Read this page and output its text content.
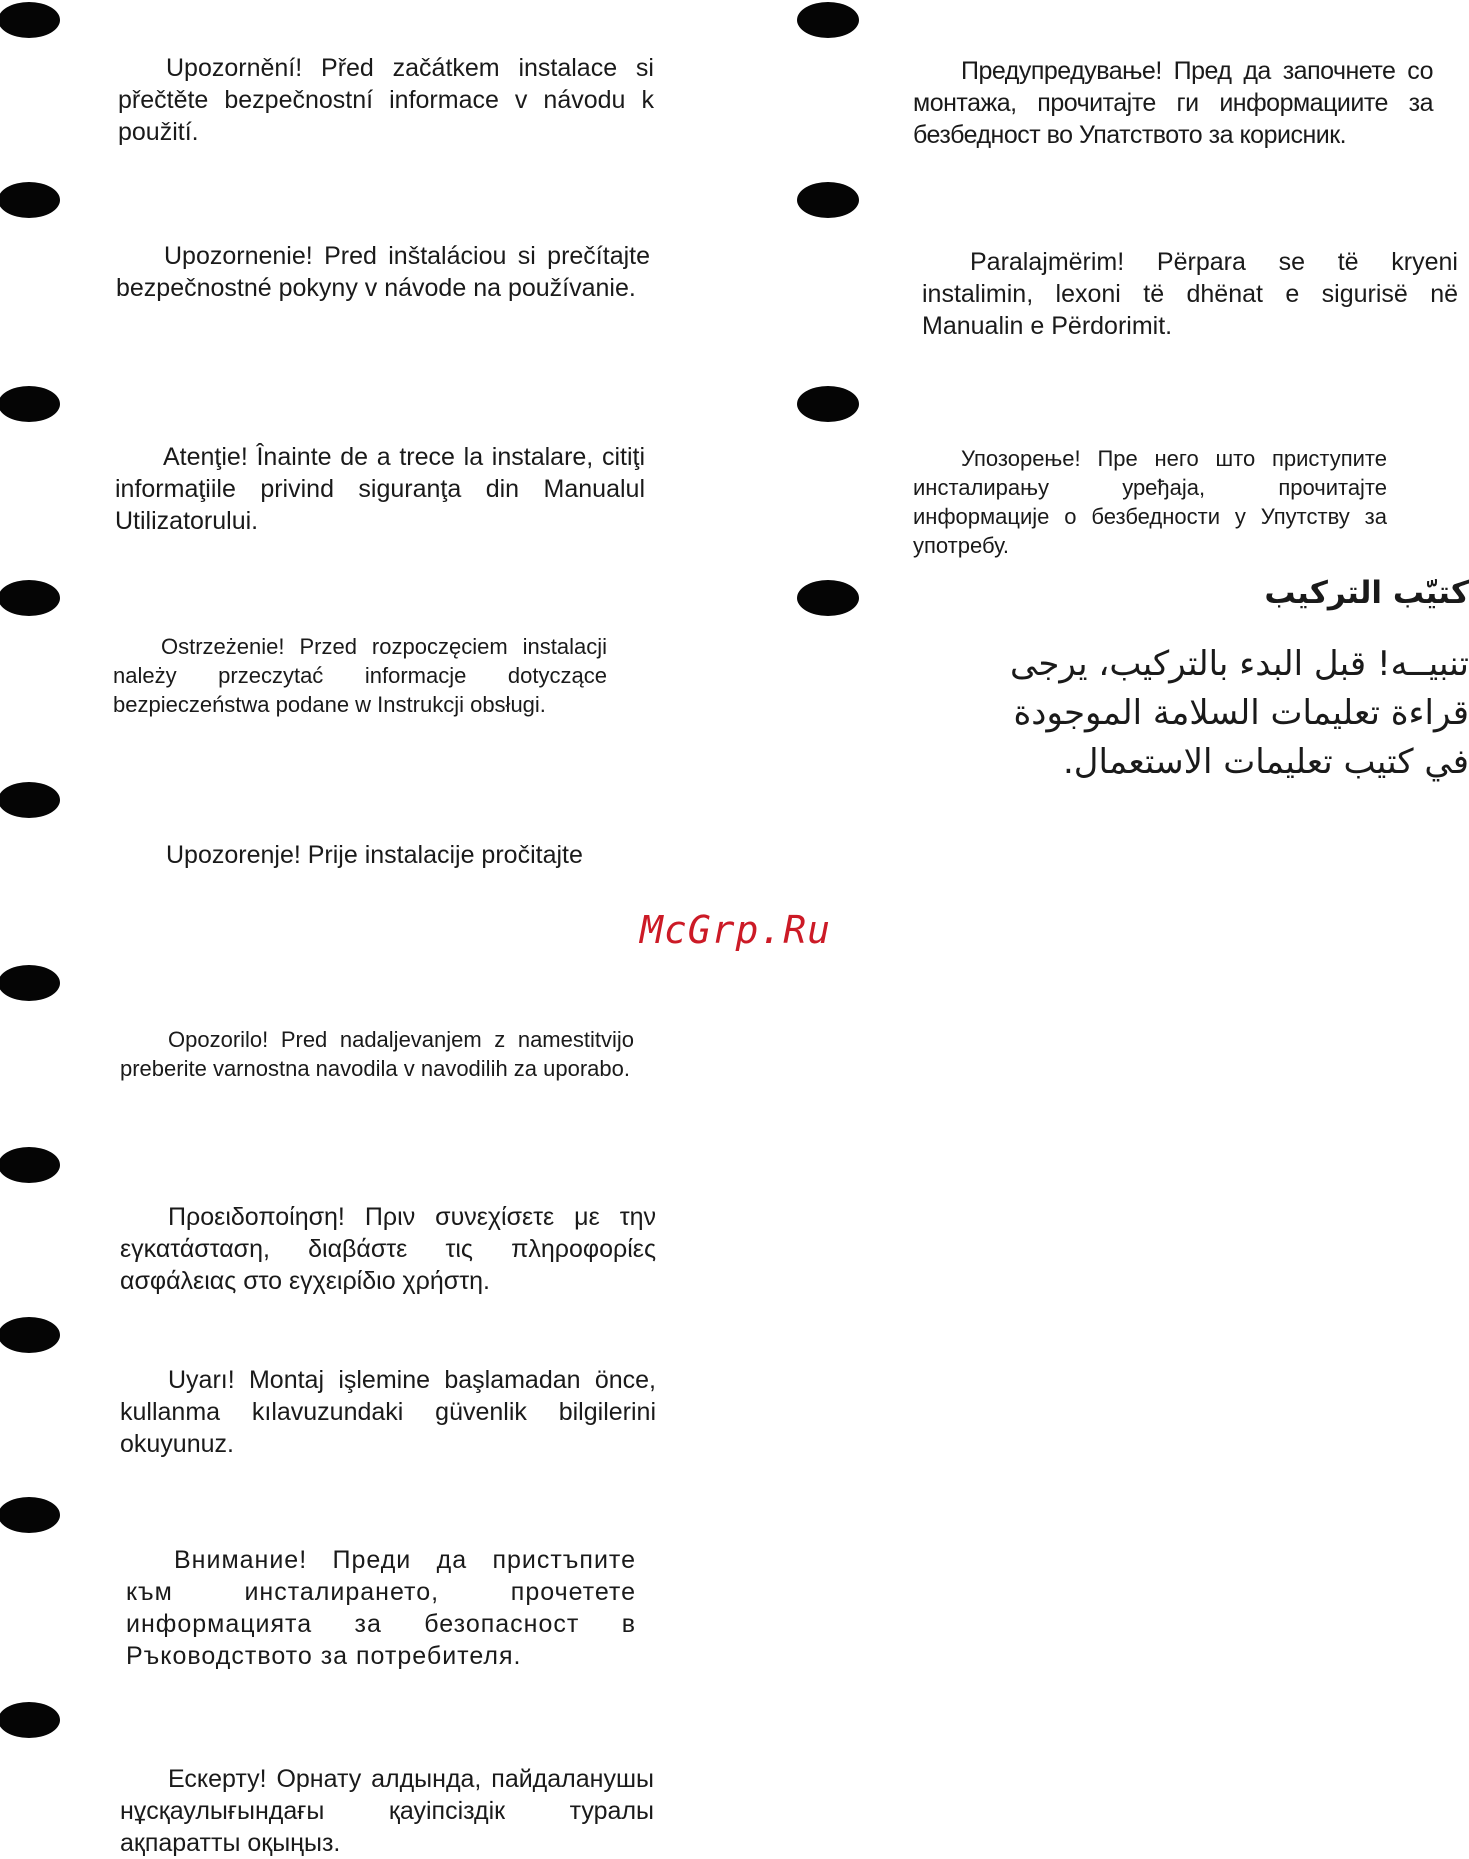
Upozornění! Před začátkem instalace si přečtěte bezpečnostní informace v návodu k použití.

Upozornenie! Pred inštaláciou si prečítajte bezpečnostné pokyny v návode na používanie.

Atenţie! Înainte de a trece la instalare, citiţi informaţiile privind siguranţa din Manualul Utilizatorului.

Ostrzeżenie! Przed rozpoczęciem instalacji należy przeczytać informacje dotyczące bezpieczeństwa podane w Instrukcji obsługi.

Upozorenje! Prije instalacije pročitajte

Opozorilo! Pred nadaljevanjem z namestitvijo preberite varnostna navodila v navodilih za uporabo.

Προειδοποίηση! Πριν συνεχίσετε με την εγκατάσταση, διαβάστε τις πληροφορίες ασφάλειας στο εγχειρίδιο χρήστη.

Uyarı! Montaj işlemine başlamadan önce, kullanma kılavuzundaki güvenlik bilgilerini okuyunuz.

Внимание! Преди да пристъпите към инсталирането, прочетете информацията за безопасност в Ръководството за потребителя.

Ескерту! Орнату алдында, пайдаланушы нұсқаулығындағы қауіпсіздік туралы ақпаратты оқыңыз.

Предупредување! Пред да започнете со монтажа, прочитајте ги информациите за безбедност во Упатството за корисник.

Paralajmërim! Përpara se të kryeni instalimin, lexoni të dhënat e sigurisë në Manualin e Përdorimit.

Упозорење! Пре него што приступите инсталирању уређаја, прочитајте информације о безбедности у Упутству за употребу.

كتيّب التركيب
تنبيــه! قبل البدء بالتركيب، يرجى قراءة تعليمات السلامة الموجودة في كتيب تعليمات الاستعمال.
McGrp.Ru
